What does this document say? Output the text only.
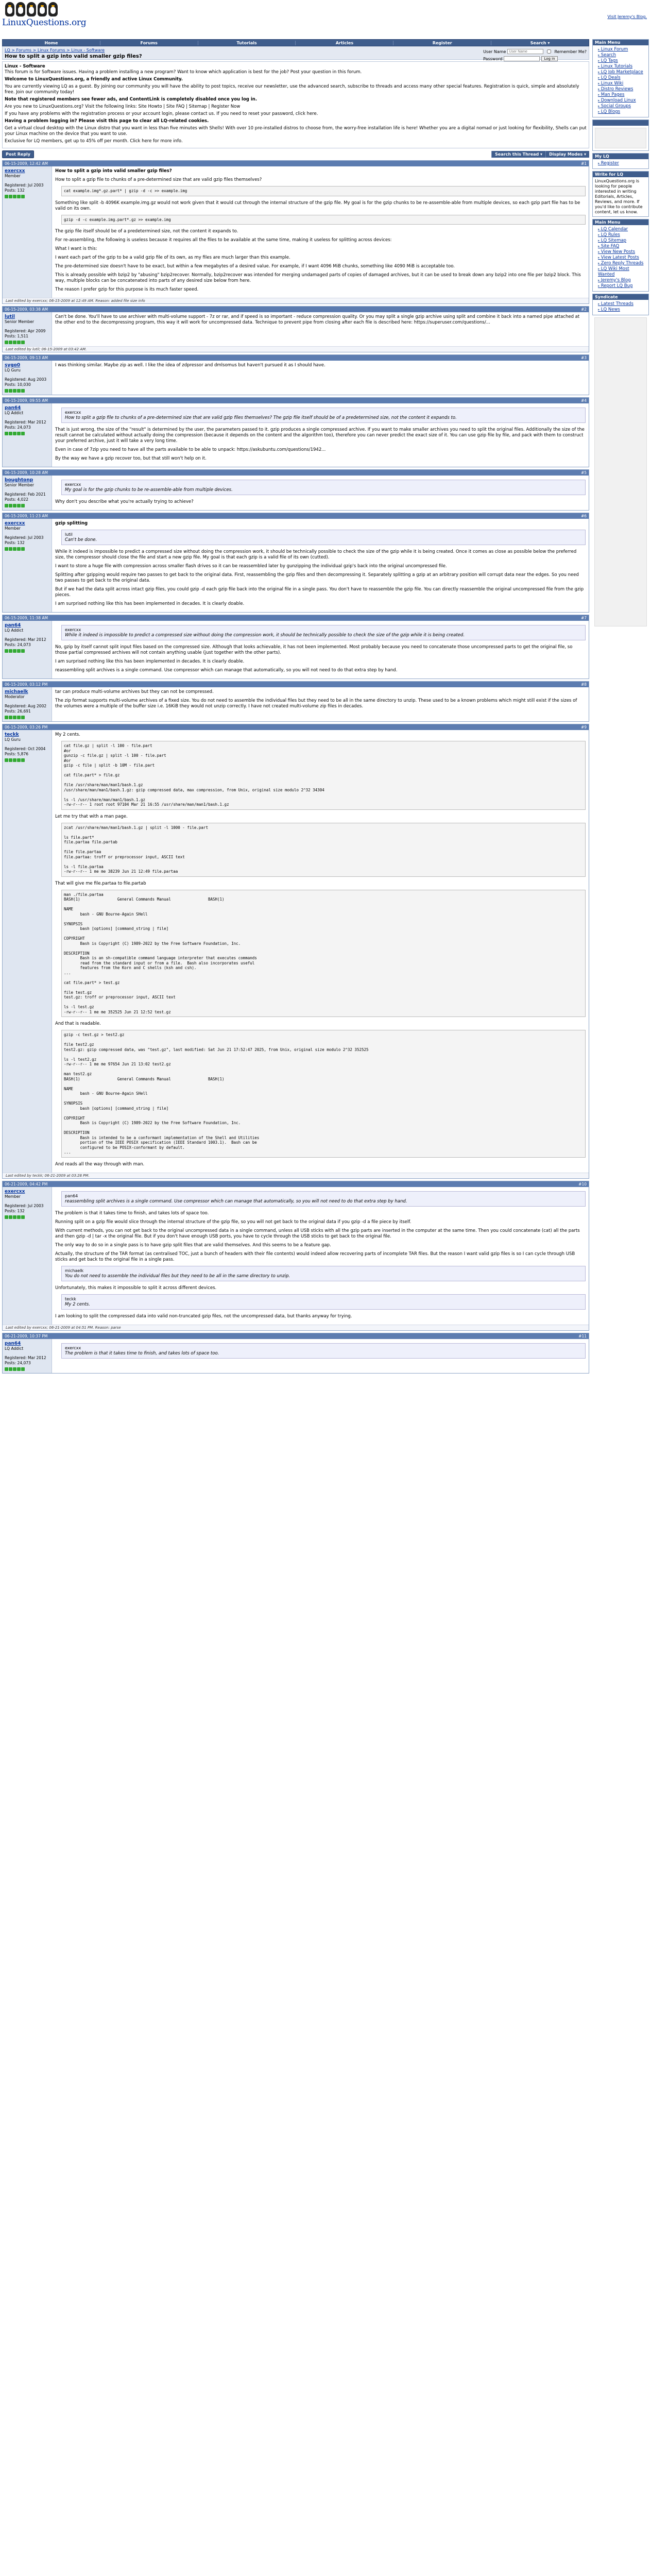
LinuxQuestions.org
Visit Jeremy's Blog.
Home	Forums	Tutorials	Articles	Register	Search ▾
LQ > Forums > Linux Forums > Linux - Software
How to split a gzip into valid smaller gzip files?
User Name
User Name	Remember Me?
Password	Log in
Linux - Software
This forum is for Software issues. Having a problem installing a new program? Want to know which application is best for the job? Post your question in this forum.

Welcome to LinuxQuestions.org, a friendly and active Linux Community.

You are currently viewing LQ as a guest. By joining our community you will have the ability to post topics, receive our newsletter, use the advanced search, subscribe to threads and access many other special features. Registration is quick, simple and absolutely free. Join our community today!

Note that registered members see fewer ads, and ContentLink is completely disabled once you log in.

Are you new to LinuxQuestions.org? Visit the following links: Site Howto | Site FAQ | Sitemap | Register Now

If you have any problems with the registration process or your account login, please contact us. If you need to reset your password, click here.

Having a problem logging in? Please visit this page to clear all LQ-related cookies.

Get a virtual cloud desktop with the Linux distro that you want in less than five minutes with Shells! With over 10 pre-installed distros to choose from, the worry-free installation life is here! Whether you are a digital nomad or just looking for flexibility, Shells can put your Linux machine on the device that you want to use.

Exclusive for LQ members, get up to 45% off per month. Click here for more info.

Post Reply	Search this Thread ▾	Display Modes ▾
06-15-2009, 12:42 AM	#1
exercxx
Member
Registered: Jul 2003
Posts: 132
How to split a gzip into valid smaller gzip files?

How to split a gzip file to chunks of a pre-determined size that are valid gzip files themselves?

cat example.img*.gz.part* | gzip -d -c >> example.img

Something like split -b 4096K example.img.gz would not work given that it would cut through the internal structure of the gzip file. My goal is for the gzip chunks to be re-assemble-able from multiple devices, so each gzip part file has to be valid on its own.

gzip -d -c example.img.part*.gz >> example.img

The gzip file itself should be of a predetermined size, not the content it expands to.

For re-assembling, the following is useless because it requires all the files to be available at the same time, making it useless for splitting across devices:

What I want is this:

I want each part of the gzip to be a valid gzip file of its own, as my files are much larger than this example.

The pre-determined size doesn't have to be exact, but within a few megabytes of a desired value. For example, if I want 4096 MiB chunks, something like 4090 MiB is acceptable too.

This is already possible with bzip2 by "abusing" bzip2recover. Normally, bzip2recover was intended for merging undamaged parts of copies of damaged archives, but it can be used to break down any bzip2 into one file per bzip2 block. This way, multiple blocks can be concatenated into parts of any desired size below from here.

The reason I prefer gzip for this purpose is its much faster speed.

Last edited by exercxx; 06-15-2009 at 12:49 AM. Reason: added file size info
06-15-2009, 03:38 AM	#2
lutil
Senior Member
Registered: Apr 2009
Posts: 1,511

Can't be done. You'll have to use archiver with multi-volume support - 7z or rar, and if speed is so important - reduce compression quality. Or you may split a single gzip archive using split and combine it back into a named pipe attached at the other end to the decompressing program, this way it will work for uncompressed data. Technique to prevent pipe from closing after each file is described here: https://superuser.com/questions/...

Last edited by lutil; 06-15-2009 at 03:42 AM.
06-15-2009, 09:13 AM	#3
sygo0
LQ Guru
Registered: Aug 2003
Posts: 10,030

I was thinking similar. Maybe zip as well. I like the idea of zdpressor and dmlsomus but haven't pursued it as I should have.

06-15-2009, 09:55 AM	#4
pan64
LQ Addict
Registered: Mar 2012
Posts: 24,073
exercxx
How to split a gzip file to chunks of a pre-determined size that are valid gzip files themselves? The gzip file itself should be of a predetermined size, not the content it expands to.

That is just wrong, the size of the "result" is determined by the user, the parameters passed to it. gzip produces a single compressed archive. If you want to make smaller archives you need to split the original files. Additionally the size of the result cannot be calculated without actually doing the compression (because it depends on the content and the algorithm too), therefore you can never predict the exact size of it. You can use gzip file by file, and pack with them to construct your preferred archive, just it will take a very long time.

Even in case of 7zip you need to have all the parts available to be able to unpack: https://askubuntu.com/questions/1942...

By the way we have a gzip recover too, but that still won't help on it.

06-15-2009, 10:28 AM	#5
boughtonp
Senior Member
Registered: Feb 2021
Posts: 4,022
exercxx
My goal is for the gzip chunks to be re-assemble-able from multiple devices.

Why don't you describe what you're actually trying to achieve?

06-15-2009, 11:23 AM	#6
exercxx
Member
Registered: Jul 2003
Posts: 132
gzip splitting
lutil
Can't be done.

While it indeed is impossible to predict a compressed size without doing the compression work, it should be technically possible to check the size of the gzip while it is being created. Once it comes as close as possible below the preferred size, the compressor should close the file and start a new gzip file. My goal is that each gzip is a valid file of its own (cutted).

I want to store a huge file with compression across smaller flash drives so it can be reassembled later by gunzipping the individual gzip's back into the original uncompressed file.

Splitting after gzipping would require two passes to get back to the original data. First, reassembling the gzip files and then decompressing it. Separately splitting a gzip at an arbitrary position will corrupt data near the edges. So you need two passes to get back to the original data.

But if we had the data split across intact gzip files, you could gzip -d each gzip file back into the original file in a single pass. You don't have to reassemble the gzip file. You can directly reassemble the original uncompressed file from the gzip pieces.

I am surprised nothing like this has been implemented in decades. It is clearly doable.

06-15-2009, 11:38 AM	#7
pan64
LQ Addict
Registered: Mar 2012
Posts: 24,073
exercxx
While it indeed is impossible to predict a compressed size without doing the compression work, it should be technically possible to check the size of the gzip while it is being created.

No, gzip by itself cannot split input files based on the compressed size. Although that looks achievable, it has not been implemented. Most probably because you need to concatenate those uncompressed parts to get the original file, so those partial compressed archives will not contain anything usable (just together with the other parts).

I am surprised nothing like this has been implemented in decades. It is clearly doable.

reassembling split archives is a single command. Use compressor which can manage that automatically, so you will not need to do that extra step by hand.

06-15-2009, 03:12 PM	#8
michaelk
Moderator
Registered: Aug 2002
Posts: 26,691

tar can produce multi-volume archives but they can not be compressed.

The zip format supports multi-volume archives of a fixed size. You do not need to assemble the individual files but they need to be all in the same directory to unzip. These used to be a known problems which might still exist if the sizes of the volumes were a multiple of the buffer size i.e. 16KiB they would not unzip correctly. I have not created multi-volume zip files in decades.

06-15-2009, 03:26 PM	#9
teckk
LQ Guru
Registered: Oct 2004
Posts: 5,876

My 2 cents.

cat file.gz | split -l 100 - file.part
#or
gunzip -c file.gz | split -l 100 - file.part
#or
gzip -c file | split -b 10M - file.part

cat file.part* > file.gz

file /usr/share/man/man1/bash.1.gz
/usr/share/man/man1/bash.1.gz: gzip compressed data, max compression, from Unix, original size modulo 2^32 34304

ls -l /usr/share/man/man1/bash.1.gz
-rw-r--r-- 1 root root 97104 Mar 21 16:55 /usr/share/man/man1/bash.1.gz

Let me try that with a man page.

zcat /usr/share/man/man1/bash.1.gz | split -l 1000 - file.part

ls file.part*
file.partaa file.partab

file file.partaa
file.partaa: troff or preprocessor input, ASCII text

ls -l file.partaa
-rw-r--r-- 1 me me 38239 Jun 21 12:49 file.partaa

That will give me file.partaa to file.partab

man ./file.partaa
BASH(1)                General Commands Manual                BASH(1)

NAME
bash - GNU Bourne-Again SHell

SYNOPSIS
bash [options] [command_string | file]

COPYRIGHT
Bash is Copyright (C) 1989-2022 by the Free Software Foundation, Inc.

DESCRIPTION
Bash is an sh-compatible command language interpreter that executes commands
read from the standard input or from a file.  Bash also incorporates useful
features from the Korn and C shells (ksh and csh).
...

cat file.part* > test.gz

file test.gz
test.gz: troff or preprocessor input, ASCII text

ls -l test.gz
-rw-r--r-- 1 me me 352525 Jun 21 12:52 test.gz

And that is readable.

gzip -c test.gz > test2.gz

file test2.gz
test2.gz: gzip compressed data, was "test.gz", last modified: Sat Jun 21 17:52:47 2025, from Unix, original size modulo 2^32 352525

ls -l test2.gz
-rw-r--r-- 1 me me 97654 Jun 21 13:02 test2.gz

man test2.gz
BASH(1)                General Commands Manual                BASH(1)

NAME
bash - GNU Bourne-Again SHell

SYNOPSIS
bash [options] [command_string | file]

COPYRIGHT
Bash is Copyright (C) 1989-2022 by the Free Software Foundation, Inc.

DESCRIPTION
Bash is intended to be a conformant implementation of the Shell and Utilities
portion of the IEEE POSIX specification (IEEE Standard 1003.1).  Bash can be
configured to be POSIX-conformant by default.
...

And reads all the way through with man.

Last edited by teckk; 06-21-2009 at 03:28 PM.
06-21-2009, 04:42 PM	#10
exercxx
Member
Registered: Jul 2003
Posts: 132
pan64
reassembling split archives is a single command. Use compressor which can manage that automatically, so you will not need to do that extra step by hand.

The problem is that it takes time to finish, and takes lots of space too.

Running split on a gzip file would slice through the internal structure of the gzip file, so you will not get back to the original data if you gzip -d a file piece by itself.

With current methods, you can not get back to the original uncompressed data in a single command, unless all USB sticks with all the gzip parts are inserted in the computer at the same time. Then you could concatenate (cat) all the parts and then gzip -d | tar -x the original file. But if you don't have enough USB ports, you have to cycle through the USB sticks to get back to the original file.

The only way to do so in a single pass is to have gzip split files that are valid themselves. And this seems to be a feature gap.

Actually, the structure of the TAR format (as centralised TOC, just a bunch of headers with their file contents) would indeed allow recovering parts of incomplete TAR files. But the reason I want valid gzip files is so I can cycle through USB sticks and get back to the original file in a single pass.

michaelk
You do not need to assemble the individual files but they need to be all in the same directory to unzip.

Unfortunately, this makes it impossible to split it across different devices.

teckk
My 2 cents.

I am looking to split the compressed data into valid non-truncated gzip files, not the uncompressed data, but thanks anyway for trying.

Last edited by exercxx; 06-21-2009 at 04:51 PM. Reason: parse
06-21-2009, 10:37 PM	#11
pan64
LQ Addict
Registered: Mar 2012
Posts: 24,073
exercxx
The problem is that it takes time to finish, and takes lots of space too.
Main Menu
▸ Linux Forum
▸ Search
▸ LQ Tags
▸ Linux Tutorials
▸ LQ Job Marketplace
▸ LQ Deals
▸ Linux Wiki
▸ Distro Reviews
▸ Man Pages
▸ Download Linux
▸ Social Groups
▸ LQ Blogs

My LQ
▸ Register
Write for LQ
LinuxQuestions.org is looking for people interested in writing Editorials, Articles, Reviews, and more. If you'd like to contribute content, let us know.
Main Menu
▸ LQ Calendar
▸ LQ Rules
▸ LQ Sitemap
▸ Site FAQ
▸ View New Posts
▸ View Latest Posts
▸ Zero Reply Threads
▸ LQ Wiki Most Wanted
▸ Jeremy's Blog
▸ Report LQ Bug
Syndicate
▸ Latest Threads
▸ LQ News
